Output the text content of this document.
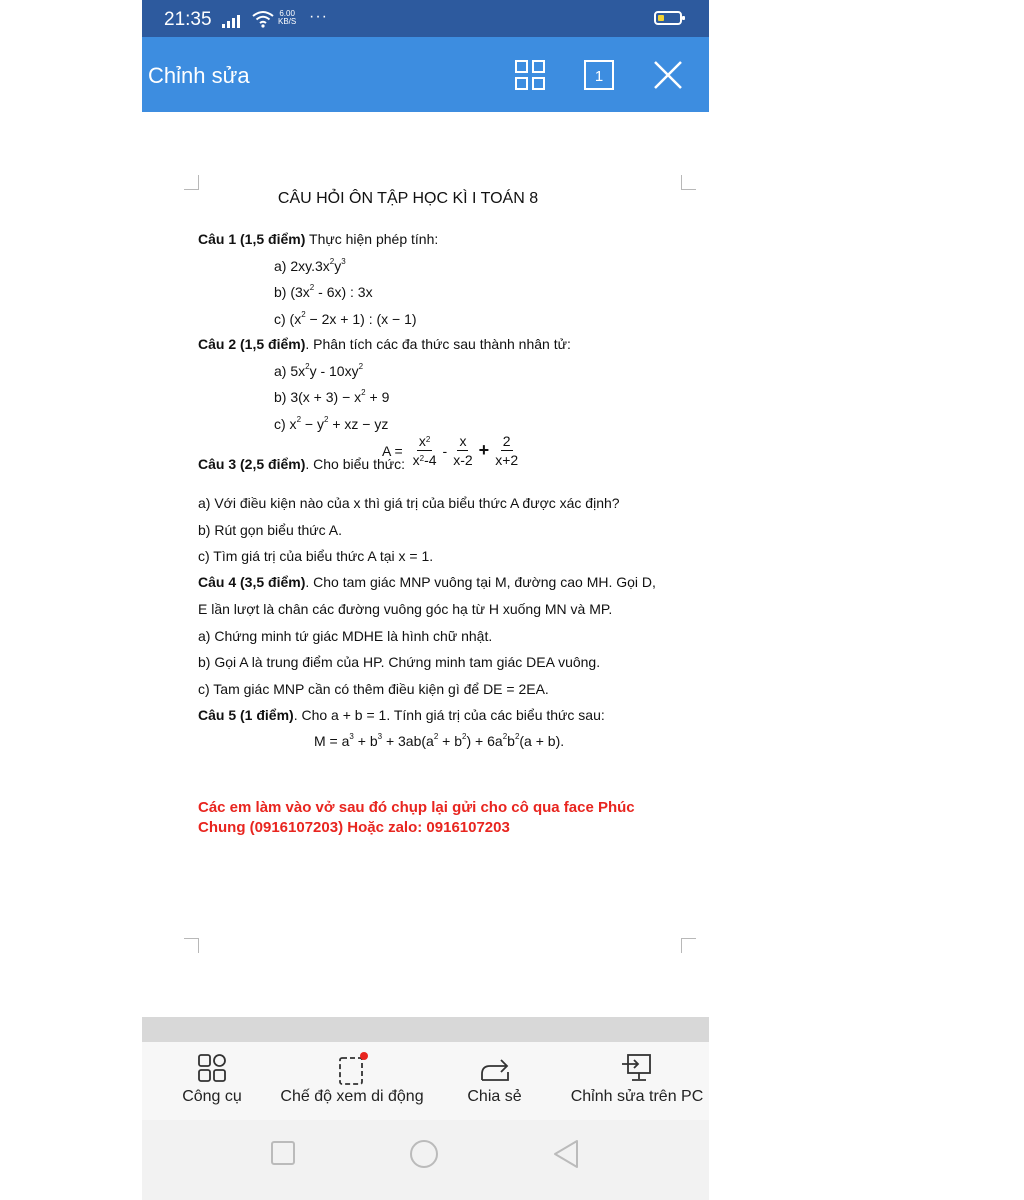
21:35	6.00
KB/S ···
Chỉnh sửa	1
CÂU HỎI ÔN TẬP HỌC KÌ I TOÁN 8
Câu 1 (1,5 điểm) Thực hiện phép tính:
a) $2xy.3x^2y^3$
b) $(3x^2 - 6x)$ : 3x
c) $(x^2 - 2x + 1)$ : (x − 1)
Câu 2 (1,5 điểm). Phân tích các đa thức sau thành nhân tử:
a) $5x^2y - 10xy^2$
b) $3(x + 3) - x^2 + 9$
c) $x^2 - y^2$ + xz − yz
Câu 3 (2,5 điểm). Cho biểu thức:
$A = \frac{x^2}{x^2-4} - \frac{x}{x-2} + \frac{2}{x+2}$
a) Với điều kiện nào của x thì giá trị của biểu thức A được xác định?
b) Rút gọn biểu thức A.
c) Tìm giá trị của biểu thức A tại x = 1.
Câu 4 (3,5 điểm). Cho tam giác MNP vuông tại M, đường cao MH. Gọi D,
E lần lượt là chân các đường vuông góc hạ từ H xuống MN và MP.
a) Chứng minh tứ giác MDHE là hình chữ nhật.
b) Gọi A là trung điểm của HP. Chứng minh tam giác DEA vuông.
c) Tam giác MNP cần có thêm điều kiện gì để DE = 2EA.
Câu 5 (1 điểm). Cho a + b = 1. Tính giá trị của các biểu thức sau:
$M = a^3 + b^3 + 3ab(a^2 + b^2) + 6a^2b^2(a + b)$.
Các em làm vào vở sau đó chụp lại gửi cho cô qua face Phúc Chung (0916107203) Hoặc zalo: 0916107203
Công cụ	Chế độ xem di động	Chia sẻ	Chỉnh sửa trên PC
